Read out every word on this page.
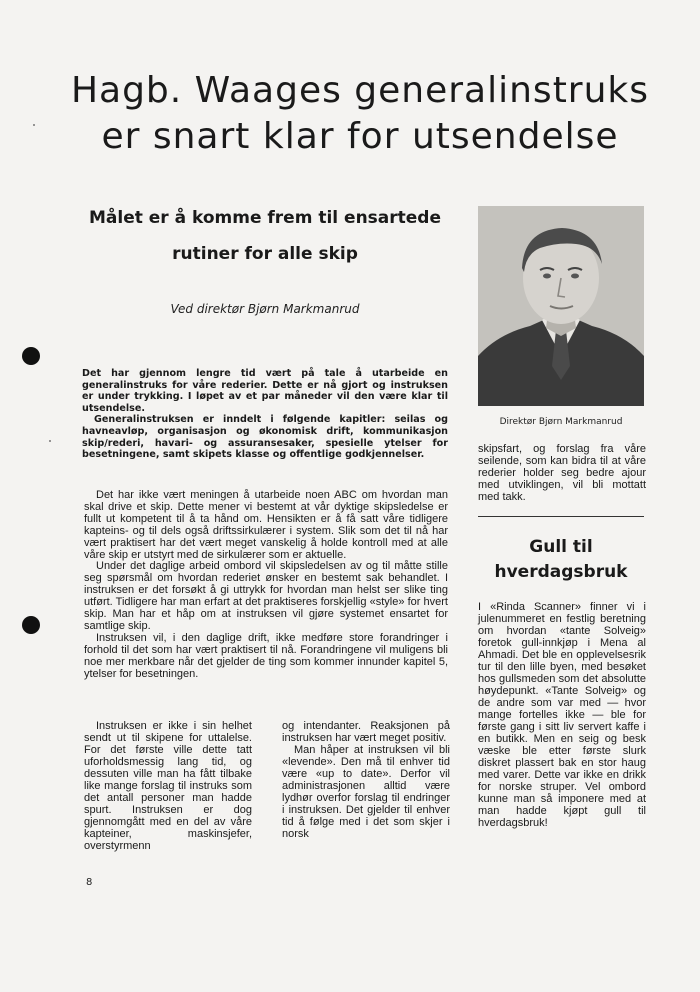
Hagb. Waages generalinstruks
er snart klar for utsendelse
Målet er å komme frem til ensartede
rutiner for alle skip

Ved direktør Bjørn Markmanrud

Det har gjennom lengre tid vært på tale å utarbeide en generalinstruks for våre rederier. Dette er nå gjort og instruksen er under trykking. I løpet av et par måneder vil den være klar til utsendelse.

Generalinstruksen er inndelt i følgende kapitler: seilas og havneavløp, organisasjon og økonomisk drift, kommunikasjon skip/rederi, havari- og assuransesaker, spesielle ytelser for besetningene, samt skipets klasse og offentlige godkjennelser.

Det har ikke vært meningen å utarbeide noen ABC om hvordan man skal drive et skip. Dette mener vi bestemt at vår dyktige skipsledelse er fullt ut kompetent til å ta hånd om. Hensikten er å få satt våre tidligere kapteins- og til dels også driftssirkulærer i system. Slik som det til nå har vært praktisert har det vært meget vanskelig å holde kontroll med at alle våre skip er utstyrt med de sirkulærer som er aktuelle.

Under det daglige arbeid ombord vil skipsledelsen av og til måtte stille seg spørsmål om hvordan rederiet ønsker en bestemt sak behandlet. I instruksen er det forsøkt å gi uttrykk for hvordan man helst ser slike ting utført. Tidligere har man erfart at det praktiseres forskjellig «style» for hvert skip. Man har et håp om at instruksen vil gjøre systemet ensartet for samtlige skip.

Instruksen vil, i den daglige drift, ikke medføre store forandringer i forhold til det som har vært praktisert til nå. Forandringene vil muligens bli noe mer merkbare når det gjelder de ting som kommer innunder kapitel 5, ytelser for besetningen.

Instruksen er ikke i sin helhet sendt ut til skipene for uttalelse. For det første ville dette tatt uforholdsmessig lang tid, og dessuten ville man ha fått tilbake like mange forslag til instruks som det antall personer man hadde spurt. Instruksen er dog gjennomgått med en del av våre kapteiner, maskinsjefer, overstyrmenn

og intendanter. Reaksjonen på instruksen har vært meget positiv.

Man håper at instruksen vil bli «levende». Den må til enhver tid være «up to date». Derfor vil administrasjonen alltid være lydhør overfor forslag til endringer i instruksen. Det gjelder til enhver tid å følge med i det som skjer i norsk

Direktør Bjørn Markmanrud

skipsfart, og forslag fra våre seilende, som kan bidra til at våre rederier holder seg bedre ajour med utviklingen, vil bli mottatt med takk.

Gull til
hverdagsbruk

I «Rinda Scanner» finner vi i julenummeret en festlig beretning om hvordan «tante Solveig» foretok gull-innkjøp i Mena al Ahmadi. Det ble en opplevelsesrik tur til den lille byen, med besøket hos gullsmeden som det absolutte høydepunkt. «Tante Solveig» og de andre som var med — hvor mange fortelles ikke — ble for første gang i sitt liv servert kaffe i en butikk. Men en seig og besk væske ble etter første slurk diskret plassert bak en stor haug med varer. Dette var ikke en drikk for norske struper. Vel ombord kunne man så imponere med at man hadde kjøpt gull til hverdagsbruk!

8
